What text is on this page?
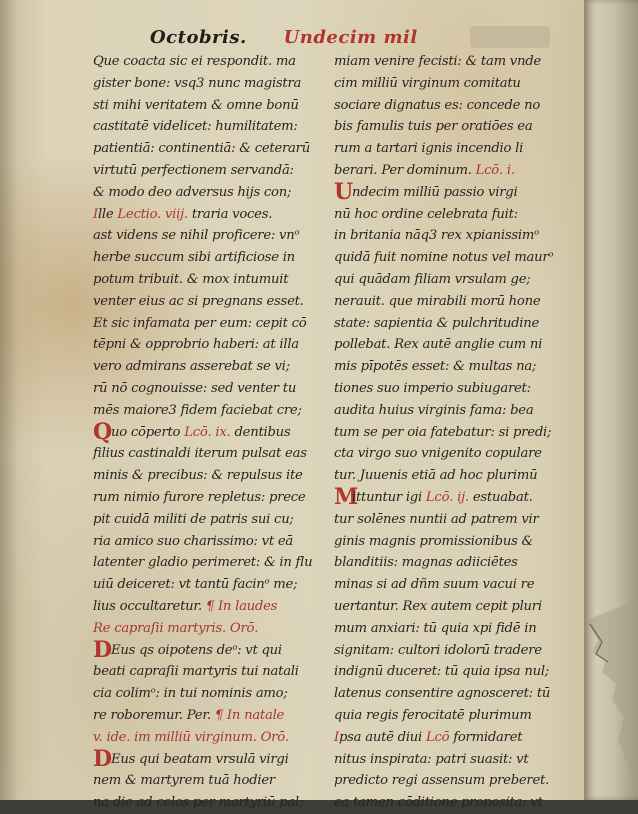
Octobris. Undecim mil
Que coacta sic ei respondit. ma
gister bone: vsq3 nunc magistra
sti mihi veritatem & omne bonū
castitatē videlicet: humilitatem:
patientiā: continentiā: & ceterarū
virtutū perfectionem servandā:
& modo deo adversus hijs con;
Ille Lectio. viij. traria voces.
ast videns se nihil proficere: vnᵒ
herbe succum sibi artificiose in
potum tribuit. & mox intumuit
venter eius ac si pregnans esset.
Et sic infamata per eum: cepit cō
tēpni & opprobrio haberi: at illa
vero admirans asserebat se vi;
rū nō cognouisse: sed venter tu
mēs maiore3 fidem faciebat cre;
Quo cōperto Lcō. ix. dentibus
filius castinaldi iterum pulsat eas
minis & precibus: & repulsus ite
rum nimio furore repletus: prece
pit cuidā militi de patris sui cu;
ria amico suo charissimo: vt eā
latenter gladio perimeret: & in flu
uiū deiceret: vt tantū facinᵒ me;
lius occultaretur. ¶ In laudes
Re capraſii martyris. Orō.
DEus qs oipotens deᵒ: vt qui
beati capraſii martyris tui natali
cia colimᵒ: in tui nominis amo;
re roboremur. Per. ¶ In natale
v. ide. im milliū virginum. Orō.
DEus qui beatam vrsulā virgi
nem & martyrem tuā hodier
na die ad celos per martyriū pal;
miam venire fecisti: & tam vnde
cim milliū virginum comitatu
sociare dignatus es: concede no
bis famulis tuis per oratiōes ea
rum a tartari ignis incendio li
berari. Per dominum. Lcō. i.
Undecim milliū passio virgi
nū hoc ordine celebrata fuit:
in britania nāq3 rex xpianissimᵒ
quidā fuit nomine notus vel maurᵒ
qui quādam filiam vrsulam ge;
nerauit. que mirabili morū hone
state: sapientia & pulchritudine
pollebat. Rex autē anglie cum ni
mis pīpotēs esset: & multas na;
tiones suo imperio subiugaret:
audita huius virginis fama: bea
tum se per oia fatebatur: si predi;
cta virgo suo vnigenito copulare
tur. Juuenis etiā ad hoc plurimū
Mittuntur igi Lcō. ij. estuabat.
tur solēnes nuntii ad patrem vir
ginis magnis promissionibus &
blanditiis: magnas adiiciētes
minas si ad dñm suum vacui re
uertantur. Rex autem cepit pluri
mum anxiari: tū quia xpi fidē in
signitam: cultori idolorū tradere
indignū duceret: tū quia ipsa nul;
latenus consentire agnosceret: tū
quia regis ferocitatē plurimum
Ipsa autē diui Lcō formidaret
nitus inspirata: patri suasit: vt
predicto regi assensum preberet.
ea tamen cōditione proposita: vt
